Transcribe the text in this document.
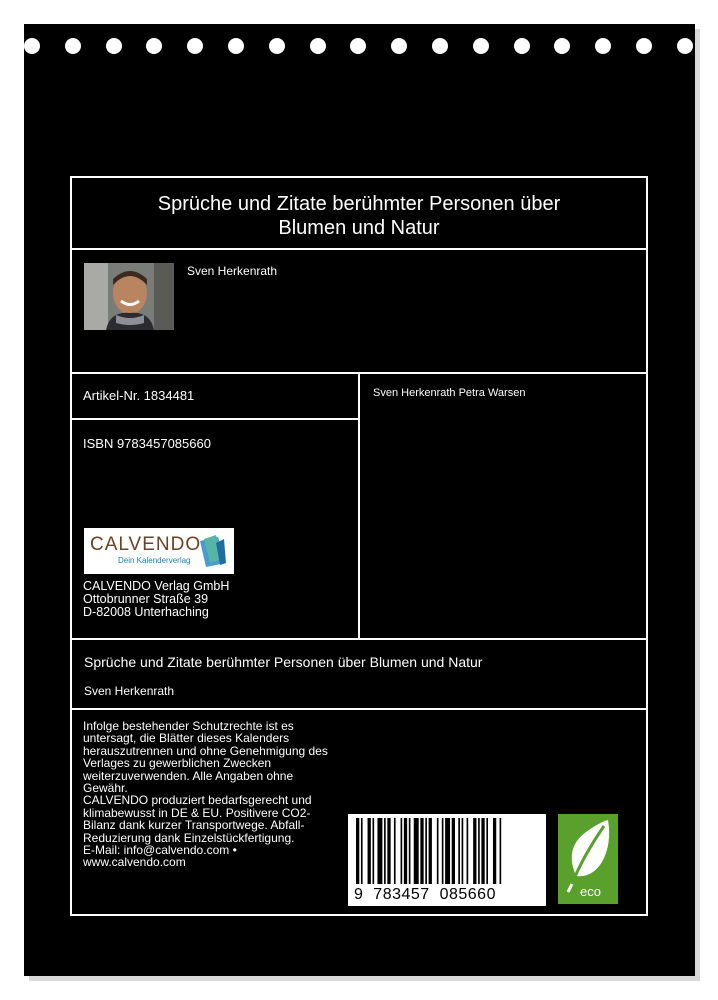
Sprüche und Zitate berühmter Personen über
Blumen und Natur
Sven Herkenrath
Artikel-Nr. 1834481
ISBN 9783457085660
CALVENDO
Dein Kalenderverlag
CALVENDO Verlag GmbH
Ottobrunner Straße 39
D-82008 Unterhaching
Sven Herkenrath Petra Warsen
Sprüche und Zitate berühmter Personen über Blumen und Natur
Sven Herkenrath
Infolge bestehender Schutzrechte ist es
untersagt, die Blätter dieses Kalenders
herauszutrennen und ohne Genehmigung des
Verlages zu gewerblichen Zwecken
weiterzuverwenden. Alle Angaben ohne
Gewähr.
CALVENDO produziert bedarfsgerecht und
klimabewusst in DE & EU. Positivere CO2-
Bilanz dank kurzer Transportwege. Abfall-
Reduzierung dank Einzelstückfertigung.
E-Mail: info@calvendo.com •
www.calvendo.com
9  783457  085660	eco
